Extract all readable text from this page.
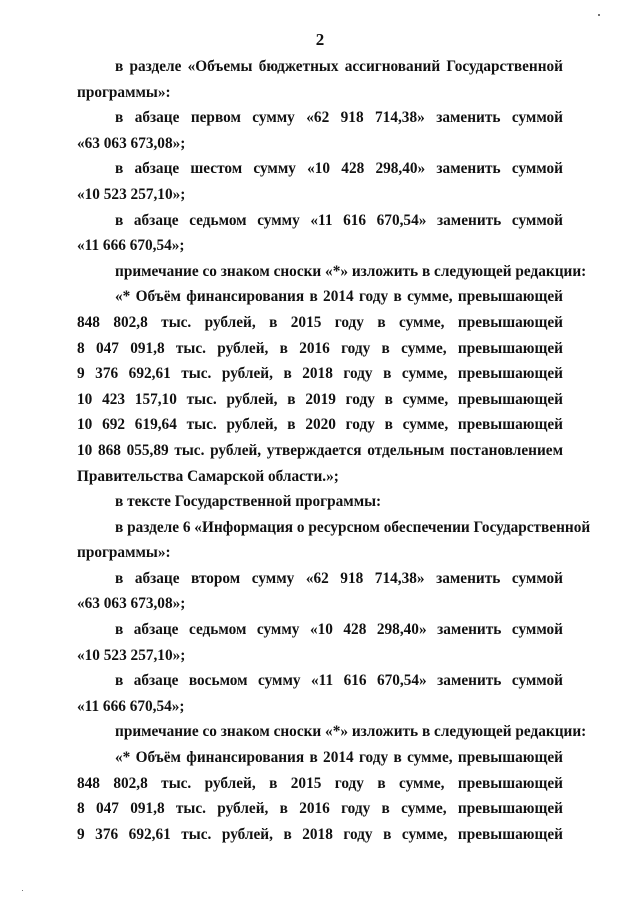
2
в разделе «Объемы бюджетных ассигнований Государственной
программы»:
в абзаце первом сумму «62 918 714,38» заменить суммой
«63 063 673,08»;
в абзаце шестом сумму «10 428 298,40» заменить суммой
«10 523 257,10»;
в абзаце седьмом сумму «11 616 670,54» заменить суммой
«11 666 670,54»;
примечание со знаком сноски «*» изложить в следующей редакции:
«* Объём финансирования в 2014 году в сумме, превышающей
848 802,8 тыс. рублей, в 2015 году в сумме, превышающей
8 047 091,8 тыс. рублей, в 2016 году в сумме, превышающей
9 376 692,61 тыс. рублей, в 2018 году в сумме, превышающей
10 423 157,10 тыс. рублей, в 2019 году в сумме, превышающей
10 692 619,64 тыс. рублей, в 2020 году в сумме, превышающей
10 868 055,89 тыс. рублей, утверждается отдельным постановлением
Правительства Самарской области.»;
в тексте Государственной программы:
в разделе 6 «Информация о ресурсном обеспечении Государственной
программы»:
в абзаце втором сумму «62 918 714,38» заменить суммой
«63 063 673,08»;
в абзаце седьмом сумму «10 428 298,40» заменить суммой
«10 523 257,10»;
в абзаце восьмом сумму «11 616 670,54» заменить суммой
«11 666 670,54»;
примечание со знаком сноски «*» изложить в следующей редакции:
«* Объём финансирования в 2014 году в сумме, превышающей
848 802,8 тыс. рублей, в 2015 году в сумме, превышающей
8 047 091,8 тыс. рублей, в 2016 году в сумме, превышающей
9 376 692,61 тыс. рублей, в 2018 году в сумме, превышающей
